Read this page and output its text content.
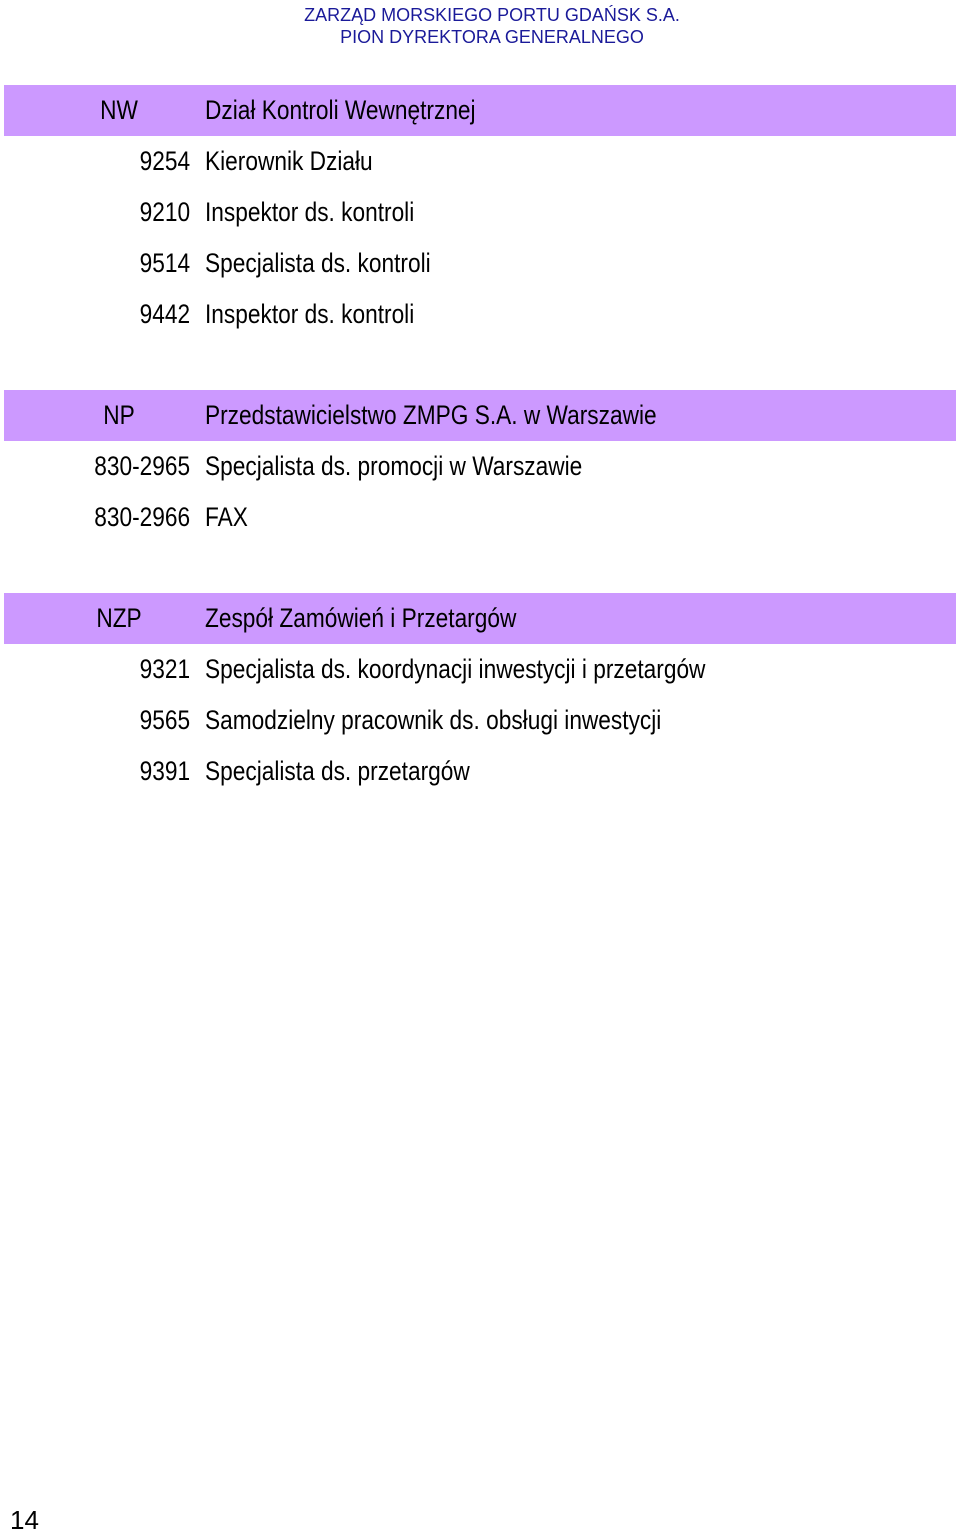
ZARZĄD MORSKIEGO PORTU GDAŃSK S.A.
PION DYREKTORA GENERALNEGO
NW	Dział Kontroli Wewnętrznej
9254 Kierownik Działu
9210 Inspektor ds. kontroli
9514 Specjalista ds. kontroli
9442 Inspektor ds. kontroli
NP	Przedstawicielstwo ZMPG S.A. w Warszawie
830-2965 Specjalista ds. promocji w Warszawie
830-2966 FAX
NZP	Zespół Zamówień i Przetargów
9321 Specjalista ds. koordynacji inwestycji i przetargów
9565 Samodzielny pracownik ds. obsługi inwestycji
9391 Specjalista ds. przetargów
14
